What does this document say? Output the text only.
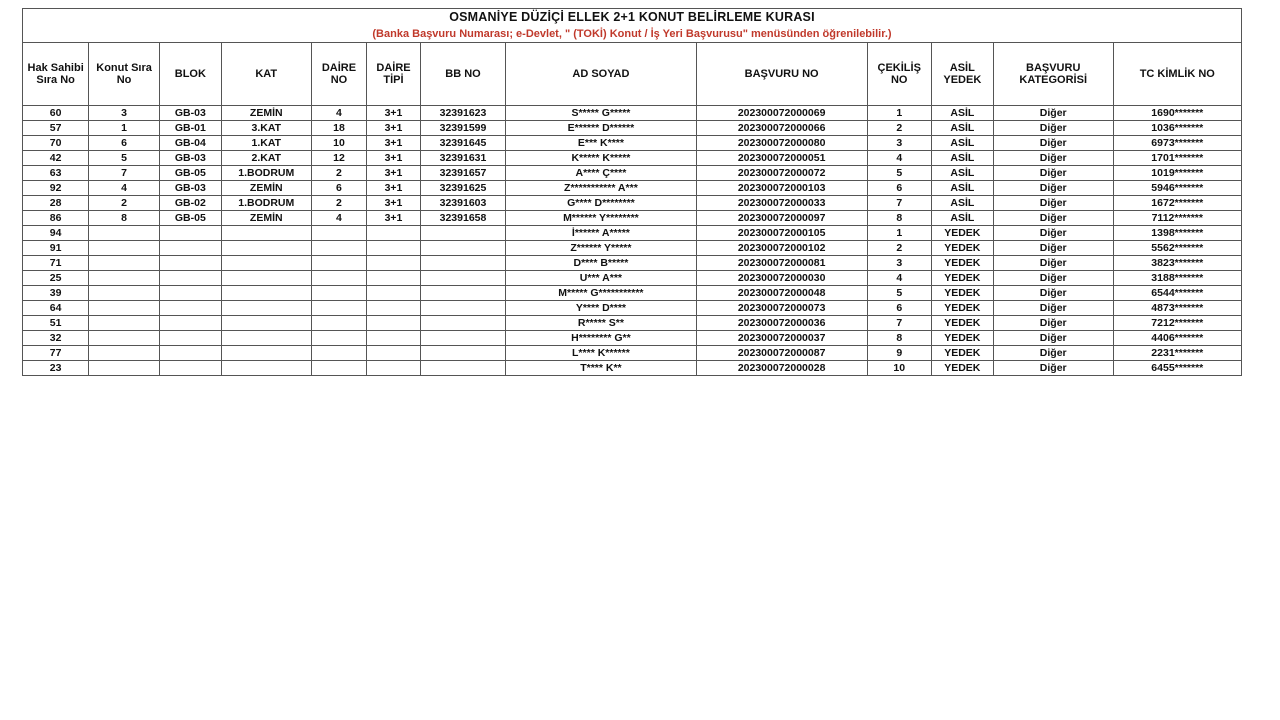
OSMANİYE DÜZİÇİ ELLEK 2+1 KONUT BELİRLEME KURASI
(Banka Başvuru Numarası; e-Devlet, " (TOKİ) Konut / İş Yeri Başvurusu" menüsünden öğrenilebilir.)												

Hak Sahibi Sıra No	Konut Sıra No	BLOK	KAT	DAİRE NO	DAİRE TİPİ	BB NO	AD SOYAD	BAŞVURU NO	ÇEKİLİŞ NO	ASİL YEDEK	BAŞVURU KATEGORİSİ	TC KİMLİK NO
60	3	GB-03	ZEMİN	4	3+1	32391623	S***** G*****	202300072000069	1	ASİL	Diğer	1690*******
57	1	GB-01	3.KAT	18	3+1	32391599	E****** D******	202300072000066	2	ASİL	Diğer	1036*******
70	6	GB-04	1.KAT	10	3+1	32391645	E*** K****	202300072000080	3	ASİL	Diğer	6973*******
42	5	GB-03	2.KAT	12	3+1	32391631	K***** K*****	202300072000051	4	ASİL	Diğer	1701*******
63	7	GB-05	1.BODRUM	2	3+1	32391657	A**** Ç****	202300072000072	5	ASİL	Diğer	1019*******
92	4	GB-03	ZEMİN	6	3+1	32391625	Z*********** A***	202300072000103	6	ASİL	Diğer	5946*******
28	2	GB-02	1.BODRUM	2	3+1	32391603	G**** D********	202300072000033	7	ASİL	Diğer	1672*******
86	8	GB-05	ZEMİN	4	3+1	32391658	M****** Y********	202300072000097	8	ASİL	Diğer	7112*******
94							İ****** A*****	202300072000105	1	YEDEK	Diğer	1398*******
91							Z****** Y*****	202300072000102	2	YEDEK	Diğer	5562*******
71							D**** B*****	202300072000081	3	YEDEK	Diğer	3823*******
25							U*** A***	202300072000030	4	YEDEK	Diğer	3188*******
39							M***** G***********	202300072000048	5	YEDEK	Diğer	6544*******
64							Y**** D****	202300072000073	6	YEDEK	Diğer	4873*******
51							R***** S**	202300072000036	7	YEDEK	Diğer	7212*******
32							H******** G**	202300072000037	8	YEDEK	Diğer	4406*******
77							L**** K******	202300072000087	9	YEDEK	Diğer	2231*******
23							T**** K**	202300072000028	10	YEDEK	Diğer	6455*******
